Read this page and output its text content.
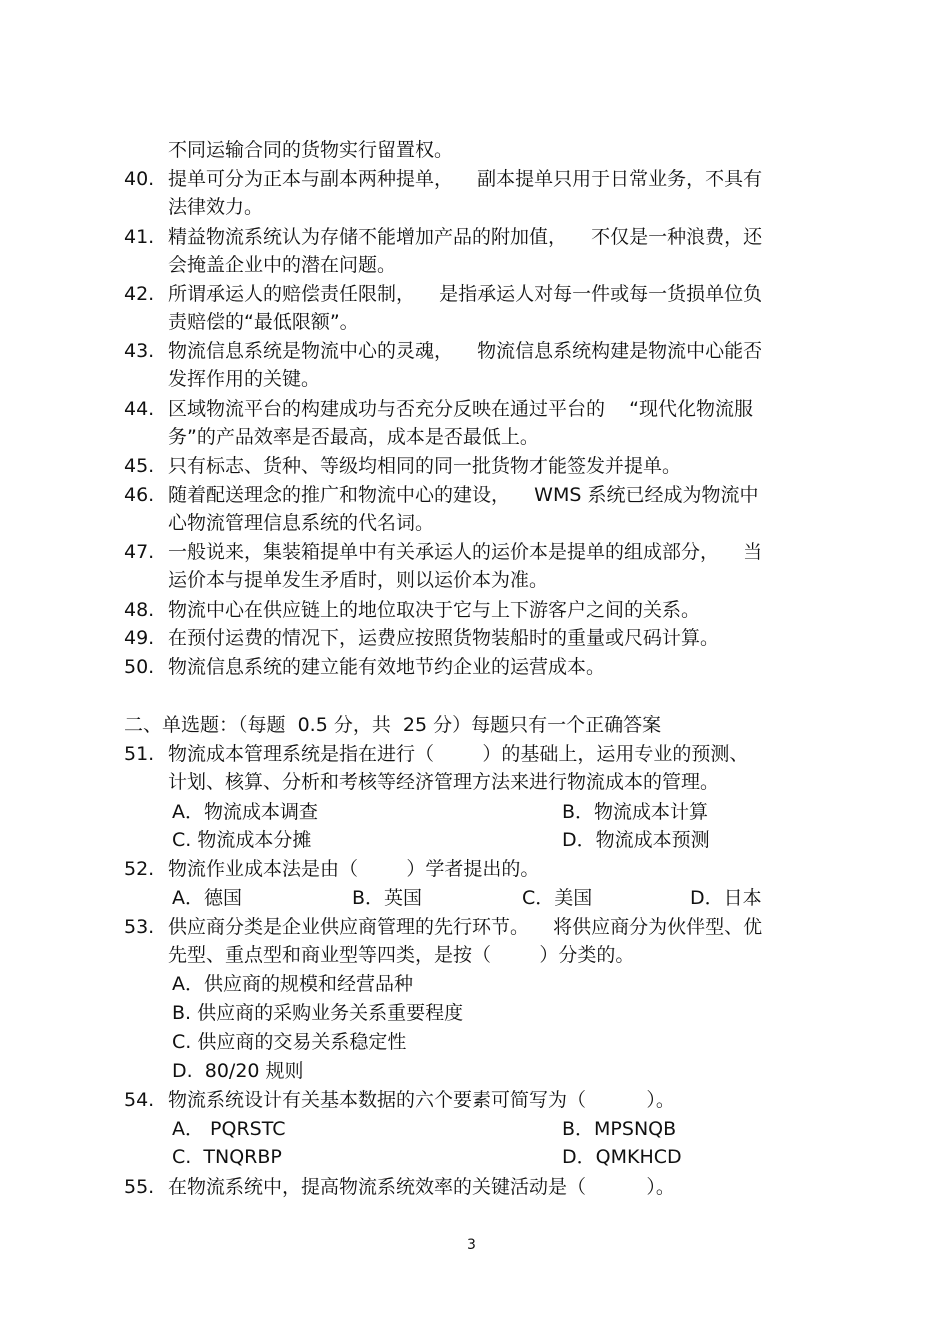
不同运输合同的货物实行留置权。
40. 提单可分为正本与副本两种提单，    副本提单只用于日常业务，不具有
法律效力。
41. 精益物流系统认为存储不能增加产品的附加值，    不仅是一种浪费，还
会掩盖企业中的潜在问题。
42. 所谓承运人的赔偿责任限制，    是指承运人对每一件或每一货损单位负
责赔偿的“最低限额”。
43. 物流信息系统是物流中心的灵魂，    物流信息系统构建是物流中心能否
发挥作用的关键。
44. 区域物流平台的构建成功与否充分反映在通过平台的    “现代化物流服
务”的产品效率是否最高，成本是否最低上。
45. 只有标志、货种、等级均相同的同一批货物才能签发并提单。
46. 随着配送理念的推广和物流中心的建设，    WMS 系统已经成为物流中
心物流管理信息系统的代名词。
47. 一般说来，集装箱提单中有关承运人的运价本是提单的组成部分，    当
运价本与提单发生矛盾时，则以运价本为准。
48. 物流中心在供应链上的地位取决于它与上下游客户之间的关系。
49. 在预付运费的情况下，运费应按照货物装船时的重量或尺码计算。
50. 物流信息系统的建立能有效地节约企业的运营成本。
二、单选题：（每题  0.5 分，共  25 分）每题只有一个正确答案
51. 物流成本管理系统是指在进行（        ）的基础上，运用专业的预测、
计划、核算、分析和考核等经济管理方法来进行物流成本的管理。
A．物流成本调查	B．物流成本计算
C. 物流成本分摊	D．物流成本预测
52. 物流作业成本法是由（        ）学者提出的。
A．德国	B．英国	C．美国	D．日本
53. 供应商分类是企业供应商管理的先行环节。    将供应商分为伙伴型、优
先型、重点型和商业型等四类，是按（        ）分类的。
A．供应商的规模和经营品种
B. 供应商的采购业务关系重要程度
C. 供应商的交易关系稳定性
D.  80/20 规则
54. 物流系统设计有关基本数据的六个要素可简写为（          ）。
A． PQRSTC	B．MPSNQB
C.  TNQRBP	D．QMKHCD
55. 在物流系统中，提高物流系统效率的关键活动是（          ）。
3
